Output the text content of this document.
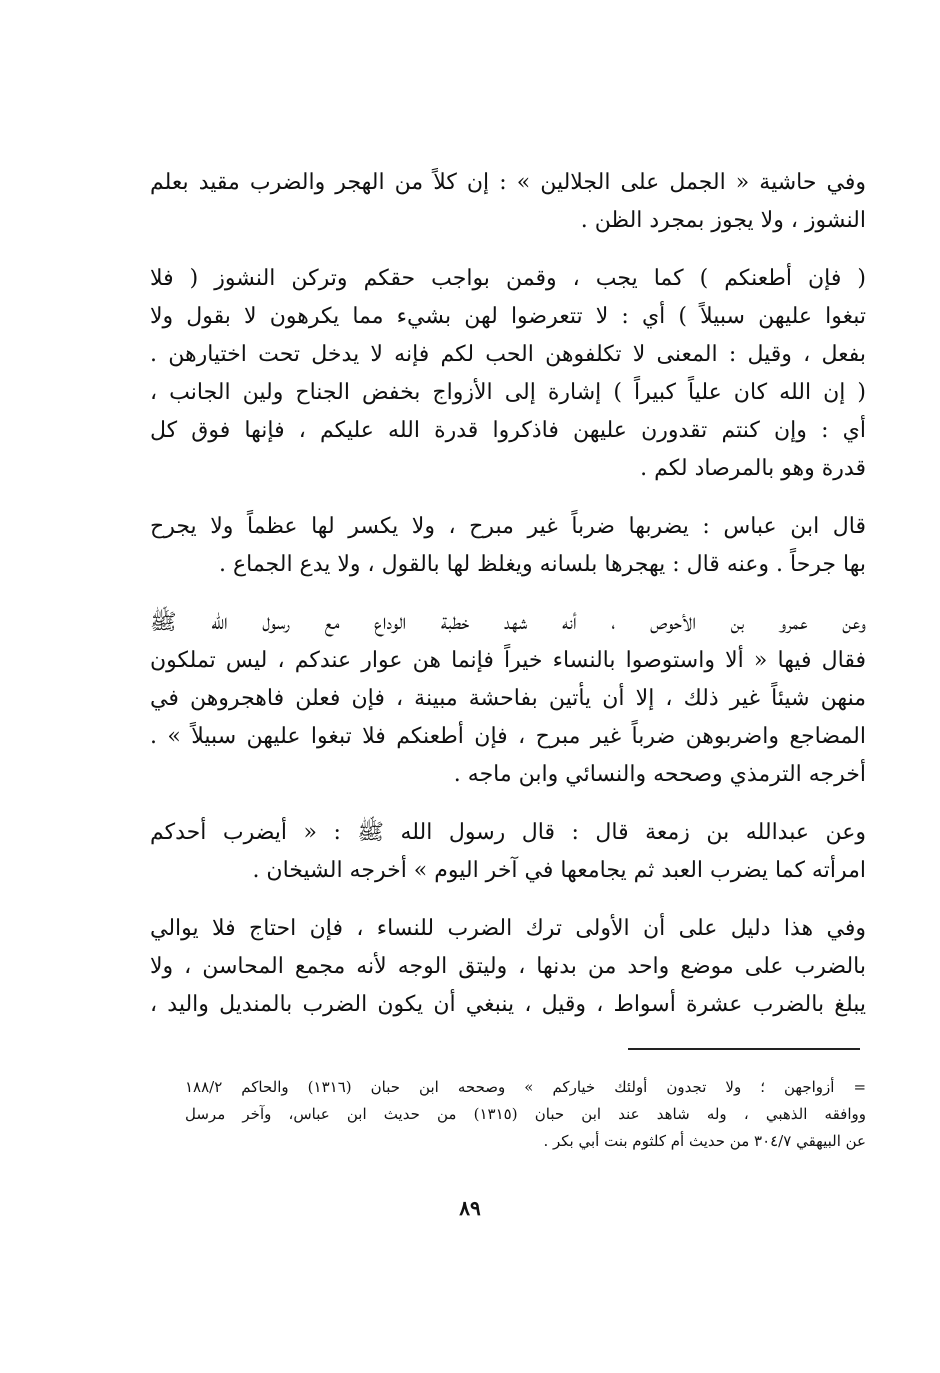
وفي حاشية « الجمل على الجلالين » : إن كلاً من الهجر والضرب مقيد بعلم
النشوز ، ولا يجوز بمجرد الظن .
( فإن أطعنكم ) كما يجب ، وقمن بواجب حقكم وتركن النشوز ( فلا
تبغوا عليهن سبيلاً ) أي : لا تتعرضوا لهن بشيء مما يكرهون لا بقول ولا
بفعل ، وقيل : المعنى لا تكلفوهن الحب لكم فإنه لا يدخل تحت اختيارهن .
( إن الله كان علياً كبيراً ) إشارة إلى الأزواج بخفض الجناح ولين الجانب ،
أي : وإن كنتم تقدورن عليهن فاذكروا قدرة الله عليكم ، فإنها فوق كل
قدرة وهو بالمرصاد لكم .
قال ابن عباس : يضربها ضرباً غير مبرح ، ولا يكسر لها عظماً ولا يجرح
بها جرحاً . وعنه قال : يهجرها بلسانه ويغلظ لها بالقول ، ولا يدع الجماع .
وعن عمرو بن الأحوص ، أنه شهد خطبة الوداع مع رسول الله ﷺ
فقال فيها « ألا واستوصوا بالنساء خيراً فإنما هن عوار عندكم ، ليس تملكون
منهن شيئاً غير ذلك ، إلا أن يأتين بفاحشة مبينة ، فإن فعلن فاهجروهن في
المضاجع واضربوهن ضرباً غير مبرح ، فإن أطعنكم فلا تبغوا عليهن سبيلاً » .
أخرجه الترمذي وصححه والنسائي وابن ماجه .
وعن عبدالله بن زمعة قال : قال رسول الله ﷺ : « أيضرب أحدكم
امرأته كما يضرب العبد ثم يجامعها في آخر اليوم » أخرجه الشيخان .
وفي هذا دليل على أن الأولى ترك الضرب للنساء ، فإن احتاج فلا يوالي
بالضرب على موضع واحد من بدنها ، وليتق الوجه لأنه مجمع المحاسن ، ولا
يبلغ بالضرب عشرة أسواط ، وقيل ، ينبغي أن يكون الضرب بالمنديل واليد ،
= أزواجهن ؛ ولا تجدون أولئك خياركم » وصححه ابن حبان (١٣١٦) والحاكم ١٨٨/٢
ووافقه الذهبي ، وله شاهد عند ابن حبان (١٣١٥) من حديث ابن عباس، وآخر مرسل
عن البيهقي ٣٠٤/٧ من حديث أم كلثوم بنت أبي بكر .
٨٩
